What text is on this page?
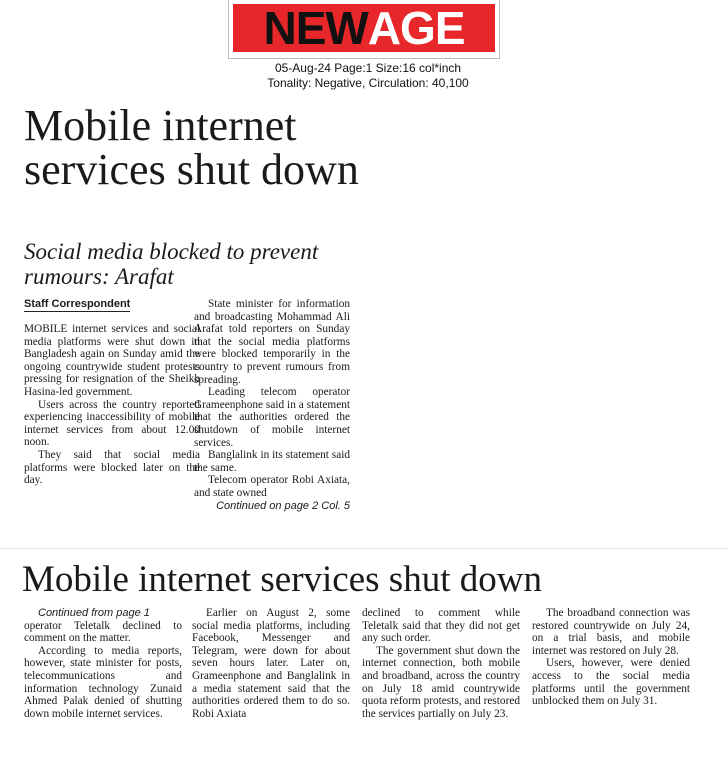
NEW AGE
05-Aug-24 Page:1 Size:16 col*inch
Tonality: Negative, Circulation: 40,100
Mobile internet services shut down
Social media blocked to prevent rumours: Arafat
Staff Correspondent

MOBILE internet services and social media platforms were shut down in Bangladesh again on Sunday amid the ongoing countrywide student protests pressing for resignation of the Sheikh Hasina-led government.

Users across the country reported experiencing inaccessibility of mobile internet services from about 12.00 noon.

They said that social media platforms were blocked later on the day.

State minister for information and broadcasting Mohammad Ali Arafat told reporters on Sunday that the social media platforms were blocked temporarily in the country to prevent rumours from spreading.

Leading telecom operator Grameenphone said in a statement that the authorities ordered the shutdown of mobile internet services.

Banglalink in its statement said the same.

Telecom operator Robi Axiata, and state owned

Continued on page 2 Col. 5
Mobile internet services shut down

Continued from page 1

operator Teletalk declined to comment on the matter.

According to media reports, however, state minister for posts, telecommunications and information technology Zunaid Ahmed Palak denied of shutting down mobile internet services.

Earlier on August 2, some social media platforms, including Facebook, Messenger and Telegram, were down for about seven hours later. Later on, Grameenphone and Banglalink in a media statement said that the authorities ordered them to do so. Robi Axiata

declined to comment while Teletalk said that they did not get any such order.

The government shut down the internet connection, both mobile and broadband, across the country on July 18 amid countrywide quota reform protests, and restored the services partially on July 23.

The broadband connection was restored countrywide on July 24, on a trial basis, and mobile internet was restored on July 28.

Users, however, were denied access to the social media platforms until the government unblocked them on July 31.
